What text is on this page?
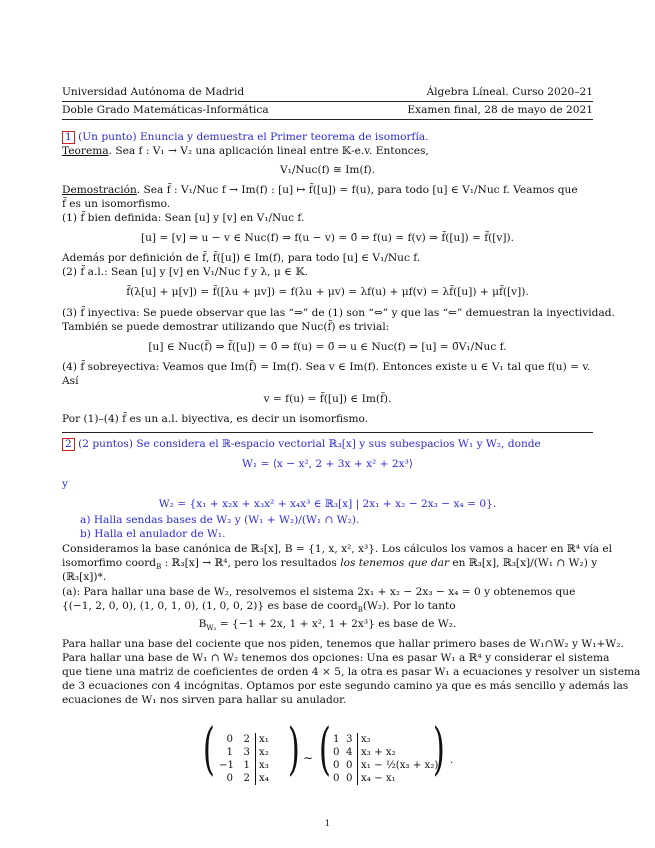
Universidad Autónoma de Madrid	Álgebra Líneal. Curso 2020–21
Doble Grado Matemáticas-Informática	Examen final, 28 de mayo de 2021
1 (Un punto) Enuncia y demuestra el Primer teorema de isomorfía.
Teorema. Sea f : V₁ → V₂ una aplicación lineal entre 𝕂-e.v. Entonces,
V₁/Nuc(f) ≅ Im(f).
Demostración. Sea f̃ : V₁/Nuc f → Im(f) : [u] ↦ f̃([u]) = f(u), para todo [u] ∈ V₁/Nuc f. Veamos que
f̃ es un isomorfismo.
(1) f̃ bien definida: Sean [u] y [v] en V₁/Nuc f.
[u] = [v] ⇒ u − v ∈ Nuc(f) ⇒ f(u − v) = 0̄ ⇒ f(u) = f(v) ⇒ f̃([u]) = f̃([v]).
Además por definición de f̃, f̃([u]) ∈ Im(f), para todo [u] ∈ V₁/Nuc f.
(2) f̃ a.l.: Sean [u] y [v] en V₁/Nuc f y λ, μ ∈ 𝕂.
f̃(λ[u] + μ[v]) = f̃([λu + μv]) = f(λu + μv) = λf(u) + μf(v) = λf̃([u]) + μf̃([v]).
(3) f̃ inyectiva: Se puede observar que las “⇒” de (1) son “⇔” y que las “⇐” demuestran la inyectividad.
También se puede demostrar utilizando que Nuc(f̃) es trivial:
[u] ∈ Nuc(f̃) ⇒ f̃([u]) = 0̄ ⇒ f(u) = 0̄ ⇒ u ∈ Nuc(f) ⇒ [u] = 0̄V₁/Nuc f.
(4) f̃ sobreyectiva: Veamos que Im(f̃) = Im(f). Sea v ∈ Im(f). Entonces existe u ∈ V₁ tal que f(u) = v.
Así
v = f(u) = f̃([u]) ∈ Im(f̃).
Por (1)–(4) f̃ es un a.l. biyectiva, es decir un isomorfismo.
2 (2 puntos) Se considera el ℝ-espacio vectorial ℝ₃[x] y sus subespacios W₁ y W₂, donde
W₁ = ⟨x − x², 2 + 3x + x² + 2x³⟩
y
W₂ = {x₁ + x₂x + x₃x² + x₄x³ ∈ ℝ₃[x] | 2x₁ + x₂ − 2x₃ − x₄ = 0}.
a) Halla sendas bases de W₂ y (W₁ + W₂)/(W₁ ∩ W₂).
b) Halla el anulador de W₁.
Consideramos la base canónica de ℝ₃[x], B = {1, x, x², x³}. Los cálculos los vamos a hacer en ℝ⁴ vía el
isomorfimo coord$_B$ : ℝ₃[x] → ℝ⁴, pero los resultados los tenemos que dar en ℝ₃[x], ℝ₃[x]/(W₁ ∩ W₂) y
(ℝ₃[x])*.
(a): Para hallar una base de W₂, resolvemos el sistema 2x₁ + x₂ − 2x₃ − x₄ = 0 y obtenemos que
{(−1, 2, 0, 0), (1, 0, 1, 0), (1, 0, 0, 2)} es base de coord$_B$(W₂). Por lo tanto
$B_{W_2} = \{-1 + 2x$, 1 + x², 1 + 2x³} es base de W₂.
Para hallar una base del cociente que nos piden, tenemos que hallar primero bases de W₁∩W₂ y W₁+W₂.
Para hallar una base de W₁ ∩ W₂ tenemos dos opciones: Una es pasar W₁ a ℝ⁴ y considerar el sistema
que tiene una matriz de coeficientes de orden 4 × 5, la otra es pasar W₁ a ecuaciones y resolver un sistema
de 3 ecuaciones con 4 incógnitas. Optamos por este segundo camino ya que es más sencillo y además las
ecuaciones de W₁ nos sirven para hallar su anulador.
( )
0	2 x₁
1	3 x₂
−1 1 x₃
0	2 x₄
∼ ( )
1 3 x₂
0 4 x₃ + x₂
0 0 x₁ − ½(x₃ + x₂)
0 0 x₄ − x₁
.
1
